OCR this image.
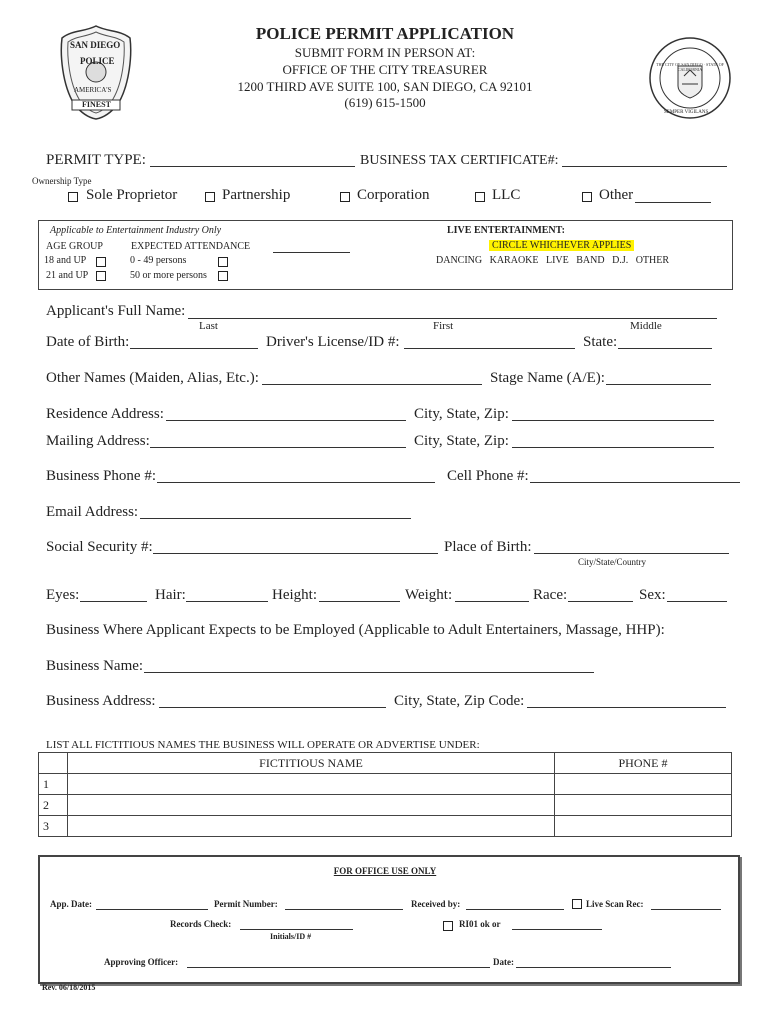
SAN DIEGO
POLICE
AMERICA'S
FINEST
THE CITY OF SAN DIEGO · STATE OF CALIFORNIA
SEMPER VIGILANS
POLICE PERMIT APPLICATION
SUBMIT FORM IN PERSON AT:
OFFICE OF THE CITY TREASURER
1200 THIRD AVE SUITE 100, SAN DIEGO, CA 92101
(619) 615-1500
PERMIT TYPE:	BUSINESS TAX CERTIFICATE#:
Ownership Type
Sole Proprietor	Partnership	Corporation	LLC	Other
Applicable to Entertainment Industry Only
AGE GROUP	EXPECTED ATTENDANCE
18 and UP	0 - 49 persons
21 and UP	50 or more persons
LIVE ENTERTAINMENT:
CIRCLE WHICHEVER APPLIES
DANCING   KARAOKE   LIVE   BAND   D.J.   OTHER
Applicant's Full Name:
Last	First	Middle
Date of Birth:	Driver's License/ID #:	State:
Other Names (Maiden, Alias, Etc.):	Stage Name (A/E):
Residence Address:	City, State, Zip:
Mailing Address:	City, State, Zip:
Business Phone #:	Cell Phone #:
Email Address:
Social Security #:	Place of Birth:
City/State/Country
Eyes:	Hair:	Height:	Weight:	Race:	Sex:
Business Where Applicant Expects to be Employed (Applicable to Adult Entertainers, Massage, HHP):
Business Name:
Business Address:	City, State, Zip Code:
LIST ALL FICTITIOUS NAMES THE BUSINESS WILL OPERATE OR ADVERTISE UNDER:
	FICTITIOUS NAME	PHONE #
1		
2		
3		
FOR OFFICE USE ONLY
App. Date:	Permit Number:	Received by:	Live Scan Rec:
Records Check:
Initials/ID #
RI01 ok or
Approving Officer:	Date:
Rev. 06/18/2015
